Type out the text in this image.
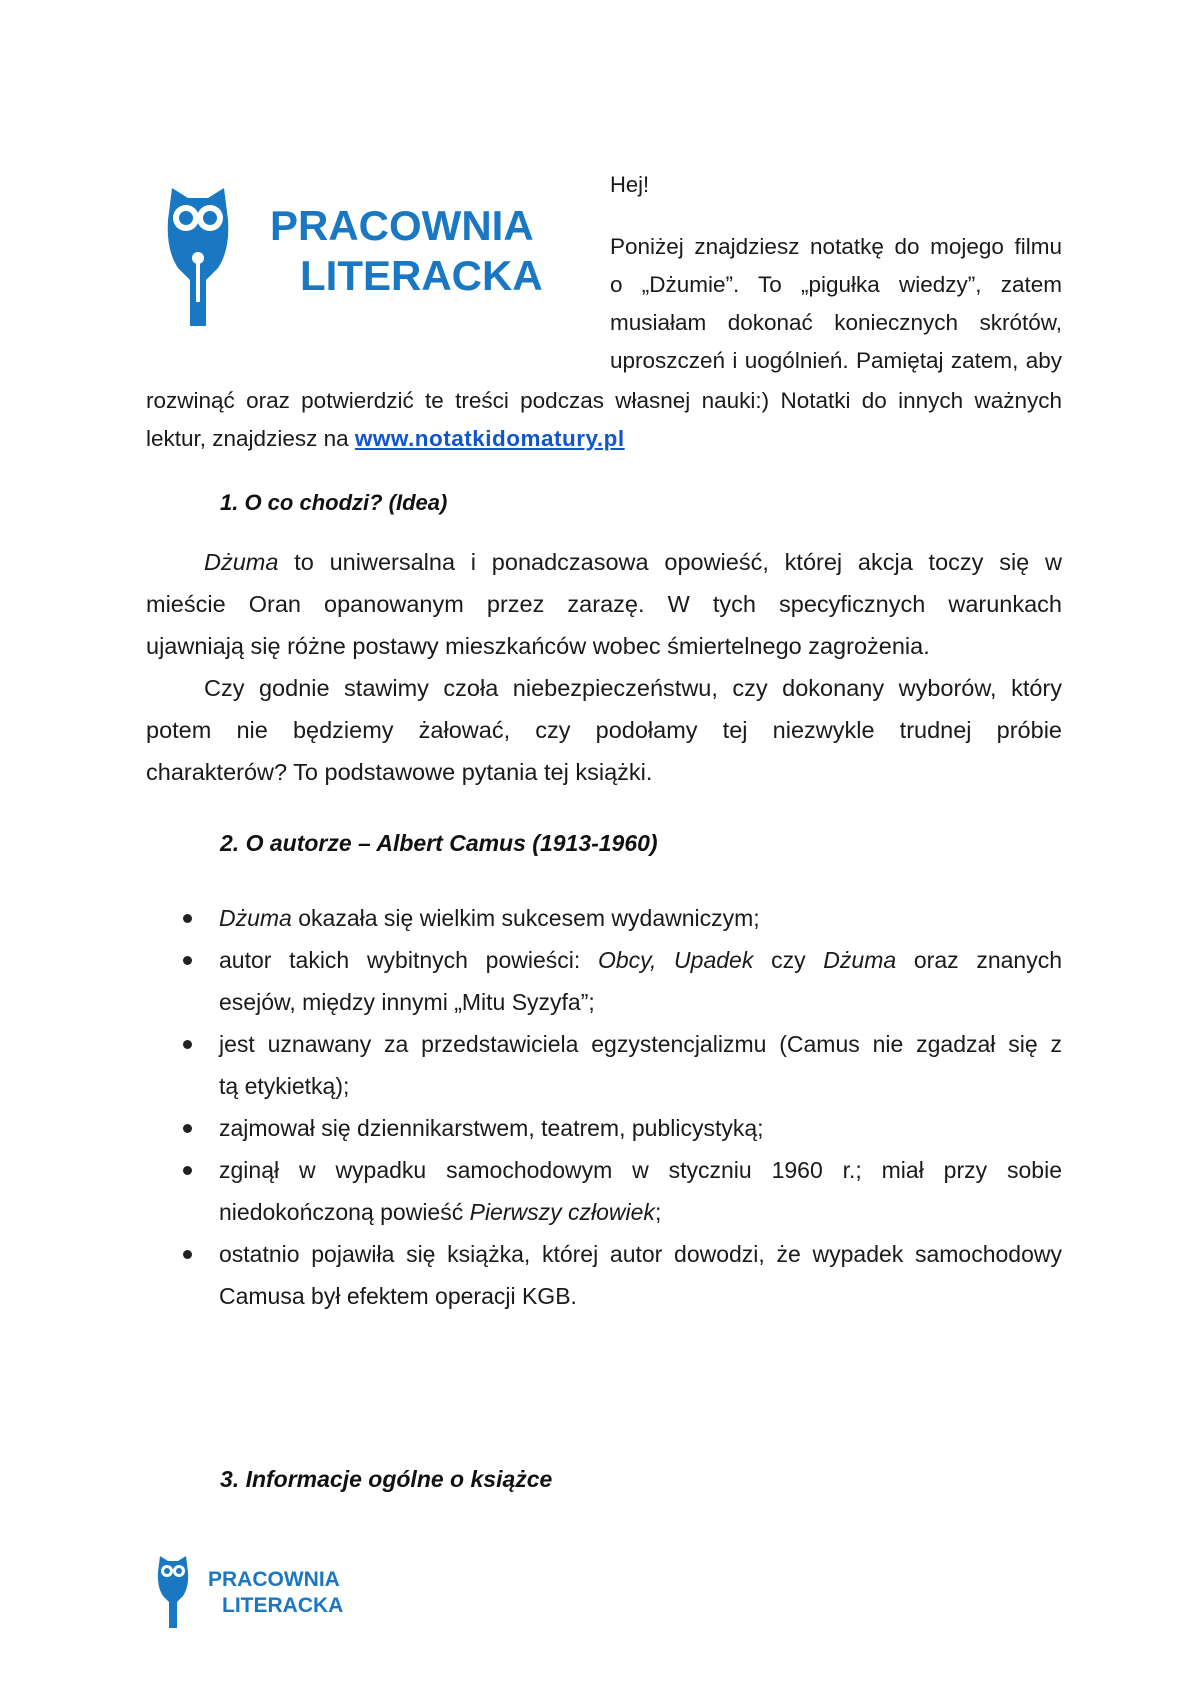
PRACOWNIA
LITERACKA
Hej!
Poniżej znajdziesz notatkę do mojego filmu
o „Dżumie”. To „pigułka wiedzy”, zatem
musiałam dokonać koniecznych skrótów,
uproszczeń i uogólnień. Pamiętaj zatem, aby
rozwinąć oraz potwierdzić te treści podczas własnej nauki:) Notatki do innych ważnych
lektur, znajdziesz na www.notatkidomatury.pl
1. O co chodzi? (Idea)
Dżuma to uniwersalna i ponadczasowa opowieść, której akcja toczy się w
mieście Oran opanowanym przez zarazę. W tych specyficznych warunkach
ujawniają się różne postawy mieszkańców wobec śmiertelnego zagrożenia.
Czy godnie stawimy czoła niebezpieczeństwu, czy dokonany wyborów, który
potem nie będziemy żałować, czy podołamy tej niezwykle trudnej próbie
charakterów? To podstawowe pytania tej książki.
2. O autorze – Albert Camus (1913-1960)
Dżuma okazała się wielkim sukcesem wydawniczym;
autor takich wybitnych powieści: Obcy, Upadek czy Dżuma oraz znanych
esejów, między innymi „Mitu Syzyfa”;
jest uznawany za przedstawiciela egzystencjalizmu (Camus nie zgadzał się z
tą etykietką);
zajmował się dziennikarstwem, teatrem, publicystyką;
zginął w wypadku samochodowym w styczniu 1960 r.; miał przy sobie
niedokończoną powieść Pierwszy człowiek;
ostatnio pojawiła się książka, której autor dowodzi, że wypadek samochodowy
Camusa był efektem operacji KGB.
3. Informacje ogólne o książce
PRACOWNIA
LITERACKA
